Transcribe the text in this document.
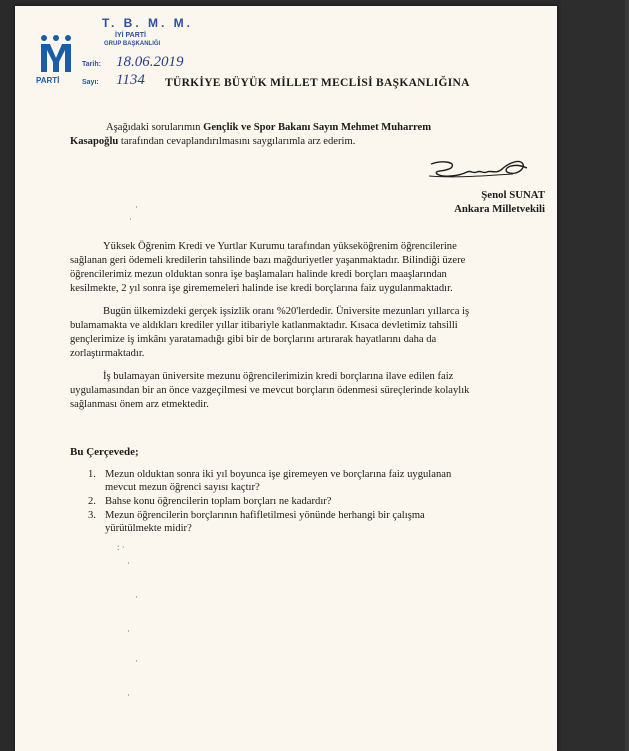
PARTİ
T. B. M. M.
İYİ PARTİ
GRUP BAŞKANLIĞI
Tarih: 18.06.2019
Sayı: 1134 TÜRKİYE BÜYÜK MİLLET MECLİSİ BAŞKANLIĞINA
Aşağıdaki sorularımın Gençlik ve Spor Bakanı Sayın Mehmet Muharrem
Kasapoğlu tarafından cevaplandırılmasını saygılarımla arz ederim.
Şenol SUNAT
Ankara Milletvekili
·
·
Yüksek Öğrenim Kredi ve Yurtlar Kurumu tarafından yükseköğrenim öğrencilerine
sağlanan geri ödemeli kredilerin tahsilinde bazı mağduriyetler yaşanmaktadır. Bilindiği üzere
öğrencilerimiz mezun olduktan sonra işe başlamaları halinde kredi borçları maaşlarından
kesilmekte, 2 yıl sonra işe girememeleri halinde ise kredi borçlarına faiz uygulanmaktadır.
Bugün ülkemizdeki gerçek işsizlik oranı %20'lerdedir. Üniversite mezunları yıllarca iş
bulamamakta ve aldıkları krediler yıllar itibariyle katlanmaktadır. Kısaca devletimiz tahsilli
gençlerimize iş imkânı yaratamadığı gibi bir de borçlarını artırarak hayatlarını daha da
zorlaştırmaktadır.
İş bulamayan üniversite mezunu öğrencilerimizin kredi borçlarına ilave edilen faiz
uygulamasından bir an önce vazgeçilmesi ve mevcut borçların ödenmesi süreçlerinde kolaylık
sağlanması önem arz etmektedir.
Bu Çerçevede;
1. Mezun olduktan sonra iki yıl boyunca işe giremeyen ve borçlarına faiz uygulanan
mevcut mezun öğrenci sayısı kaçtır?
2. Bahse konu öğrencilerin toplam borçları ne kadardır?
3. Mezun öğrencilerin borçlarının hafifletilmesi yönünde herhangi bir çalışma
yürütülmekte midir?
: ·
·
·
·
·
·
